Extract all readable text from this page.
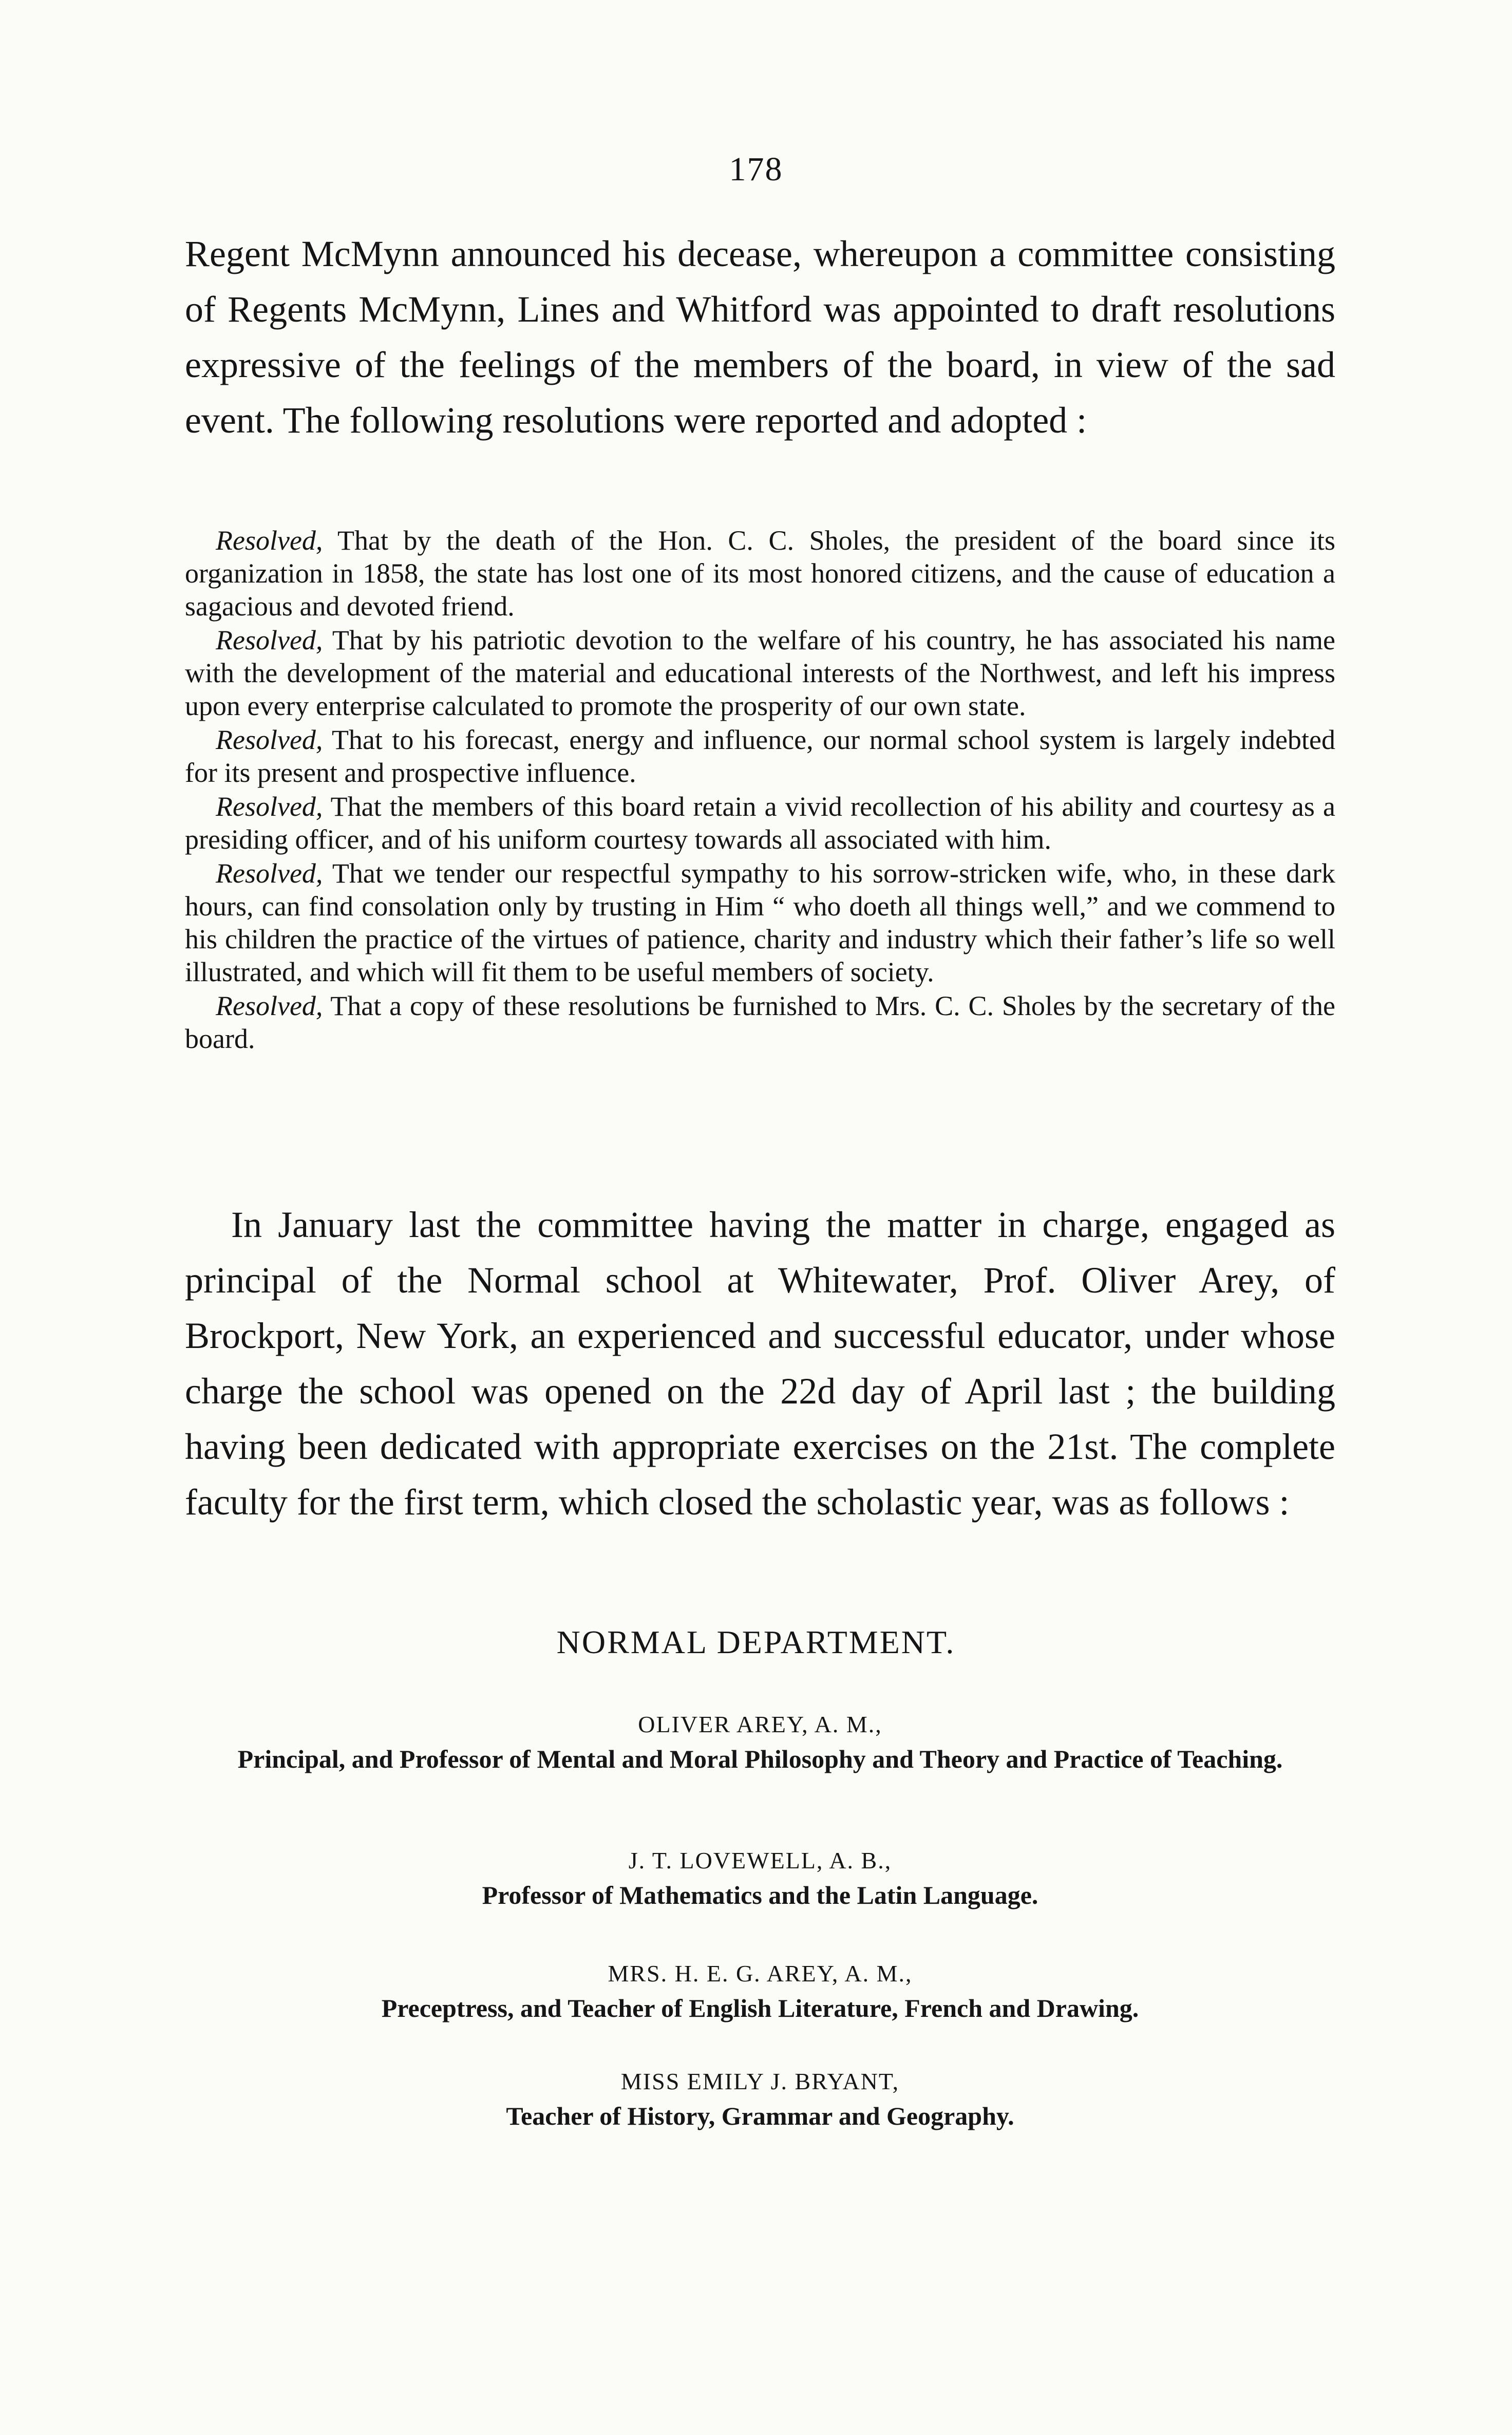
178

Regent McMynn announced his decease, whereupon a committee consisting of Regents McMynn, Lines and Whitford was appointed to draft resolutions expressive of the feelings of the members of the board, in view of the sad event. The following resolutions were reported and adopted :

Resolved, That by the death of the Hon. C. C. Sholes, the president of the board since its organization in 1858, the state has lost one of its most honored citizens, and the cause of education a sagacious and devoted friend.

Resolved, That by his patriotic devotion to the welfare of his country, he has associated his name with the development of the material and educational interests of the Northwest, and left his impress upon every enterprise calculated to promote the prosperity of our own state.

Resolved, That to his forecast, energy and influence, our normal school system is largely indebted for its present and prospective influence.

Resolved, That the members of this board retain a vivid recollection of his ability and courtesy as a presiding officer, and of his uniform courtesy towards all associated with him.

Resolved, That we tender our respectful sympathy to his sorrow-stricken wife, who, in these dark hours, can find consolation only by trusting in Him “ who doeth all things well,” and we commend to his children the practice of the virtues of patience, charity and industry which their father’s life so well illustrated, and which will fit them to be useful members of society.

Resolved, That a copy of these resolutions be furnished to Mrs. C. C. Sholes by the secretary of the board.

In January last the committee having the matter in charge, engaged as principal of the Normal school at Whitewater, Prof. Oliver Arey, of Brockport, New York, an experienced and successful educator, under whose charge the school was opened on the 22d day of April last ; the building having been dedicated with appropriate exercises on the 21st. The complete faculty for the first term, which closed the scholastic year, was as follows :

NORMAL DEPARTMENT.
OLIVER AREY, A. M.,
Principal, and Professor of Mental and Moral Philosophy and Theory and Practice of Teaching.
J. T. LOVEWELL, A. B.,
Professor of Mathematics and the Latin Language.
MRS. H. E. G. AREY, A. M.,
Preceptress, and Teacher of English Literature, French and Drawing.
MISS EMILY J. BRYANT,
Teacher of History, Grammar and Geography.
